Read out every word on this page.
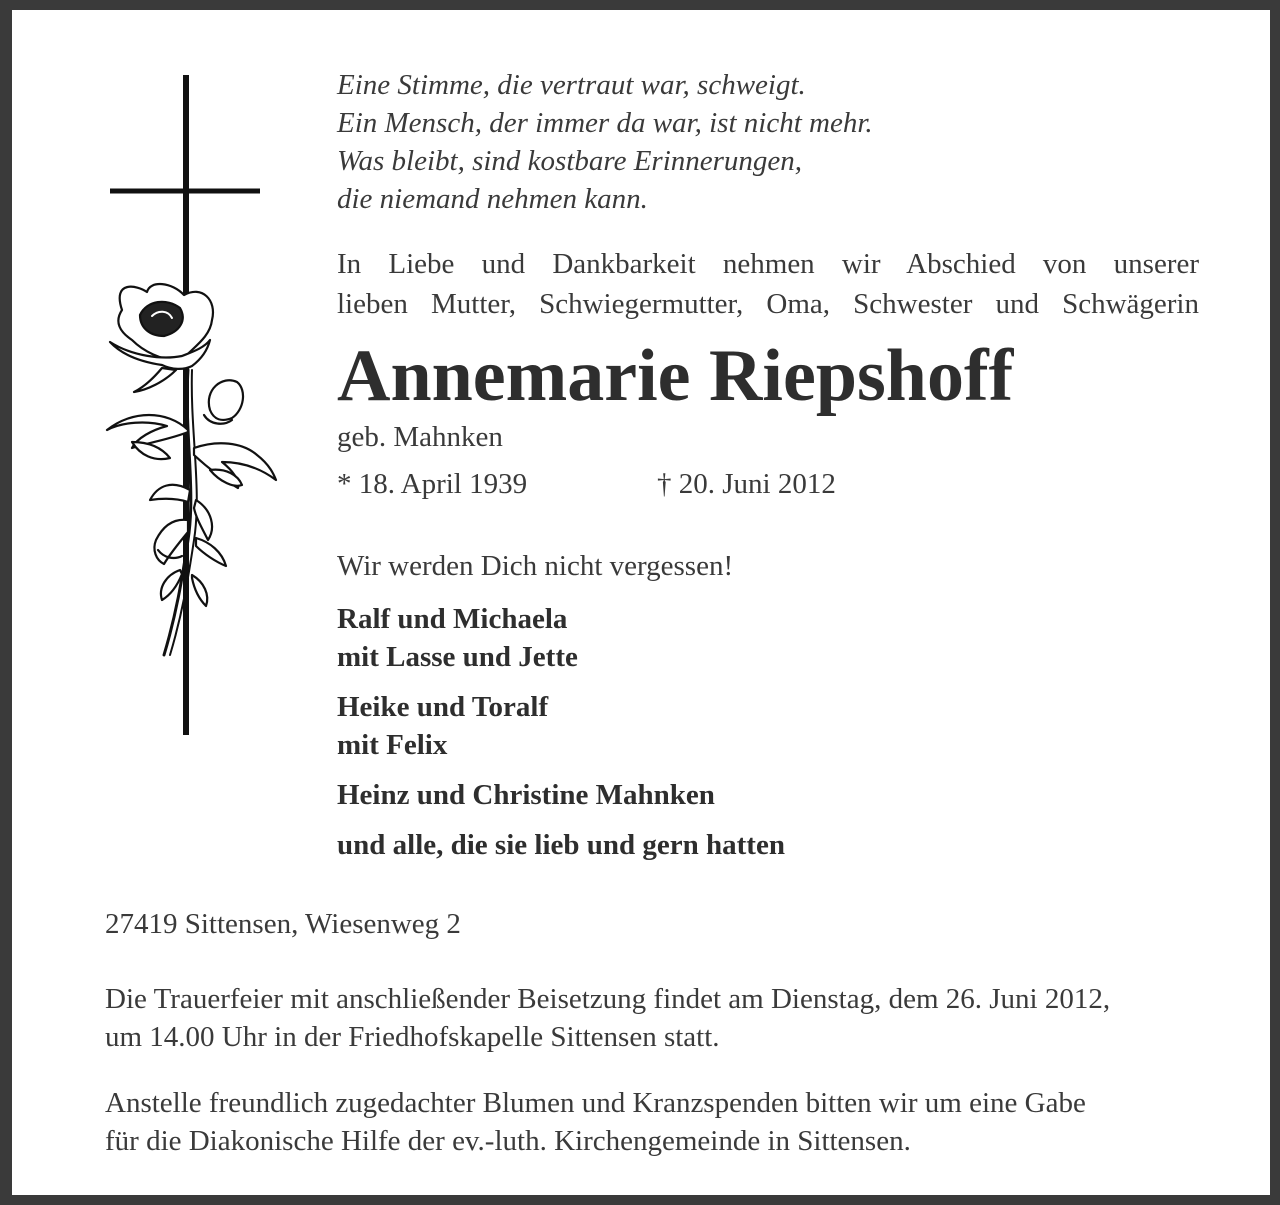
Eine Stimme, die vertraut war, schweigt.
Ein Mensch, der immer da war, ist nicht mehr.
Was bleibt, sind kostbare Erinnerungen,
die niemand nehmen kann.
In Liebe und Dankbarkeit nehmen wir Abschied von unserer
lieben Mutter, Schwiegermutter, Oma, Schwester und Schwägerin
Annemarie Riepshoff
geb. Mahnken
* 18. April 1939	† 20. Juni 2012
Wir werden Dich nicht vergessen!
Ralf und Michaela
mit Lasse und Jette
Heike und Toralf
mit Felix
Heinz und Christine Mahnken
und alle, die sie lieb und gern hatten
27419 Sittensen, Wiesenweg 2
Die Trauerfeier mit anschließender Beisetzung findet am Dienstag, dem 26. Juni 2012,
um 14.00 Uhr in der Friedhofskapelle Sittensen statt.
Anstelle freundlich zugedachter Blumen und Kranzspenden bitten wir um eine Gabe
für die Diakonische Hilfe der ev.-luth. Kirchengemeinde in Sittensen.
